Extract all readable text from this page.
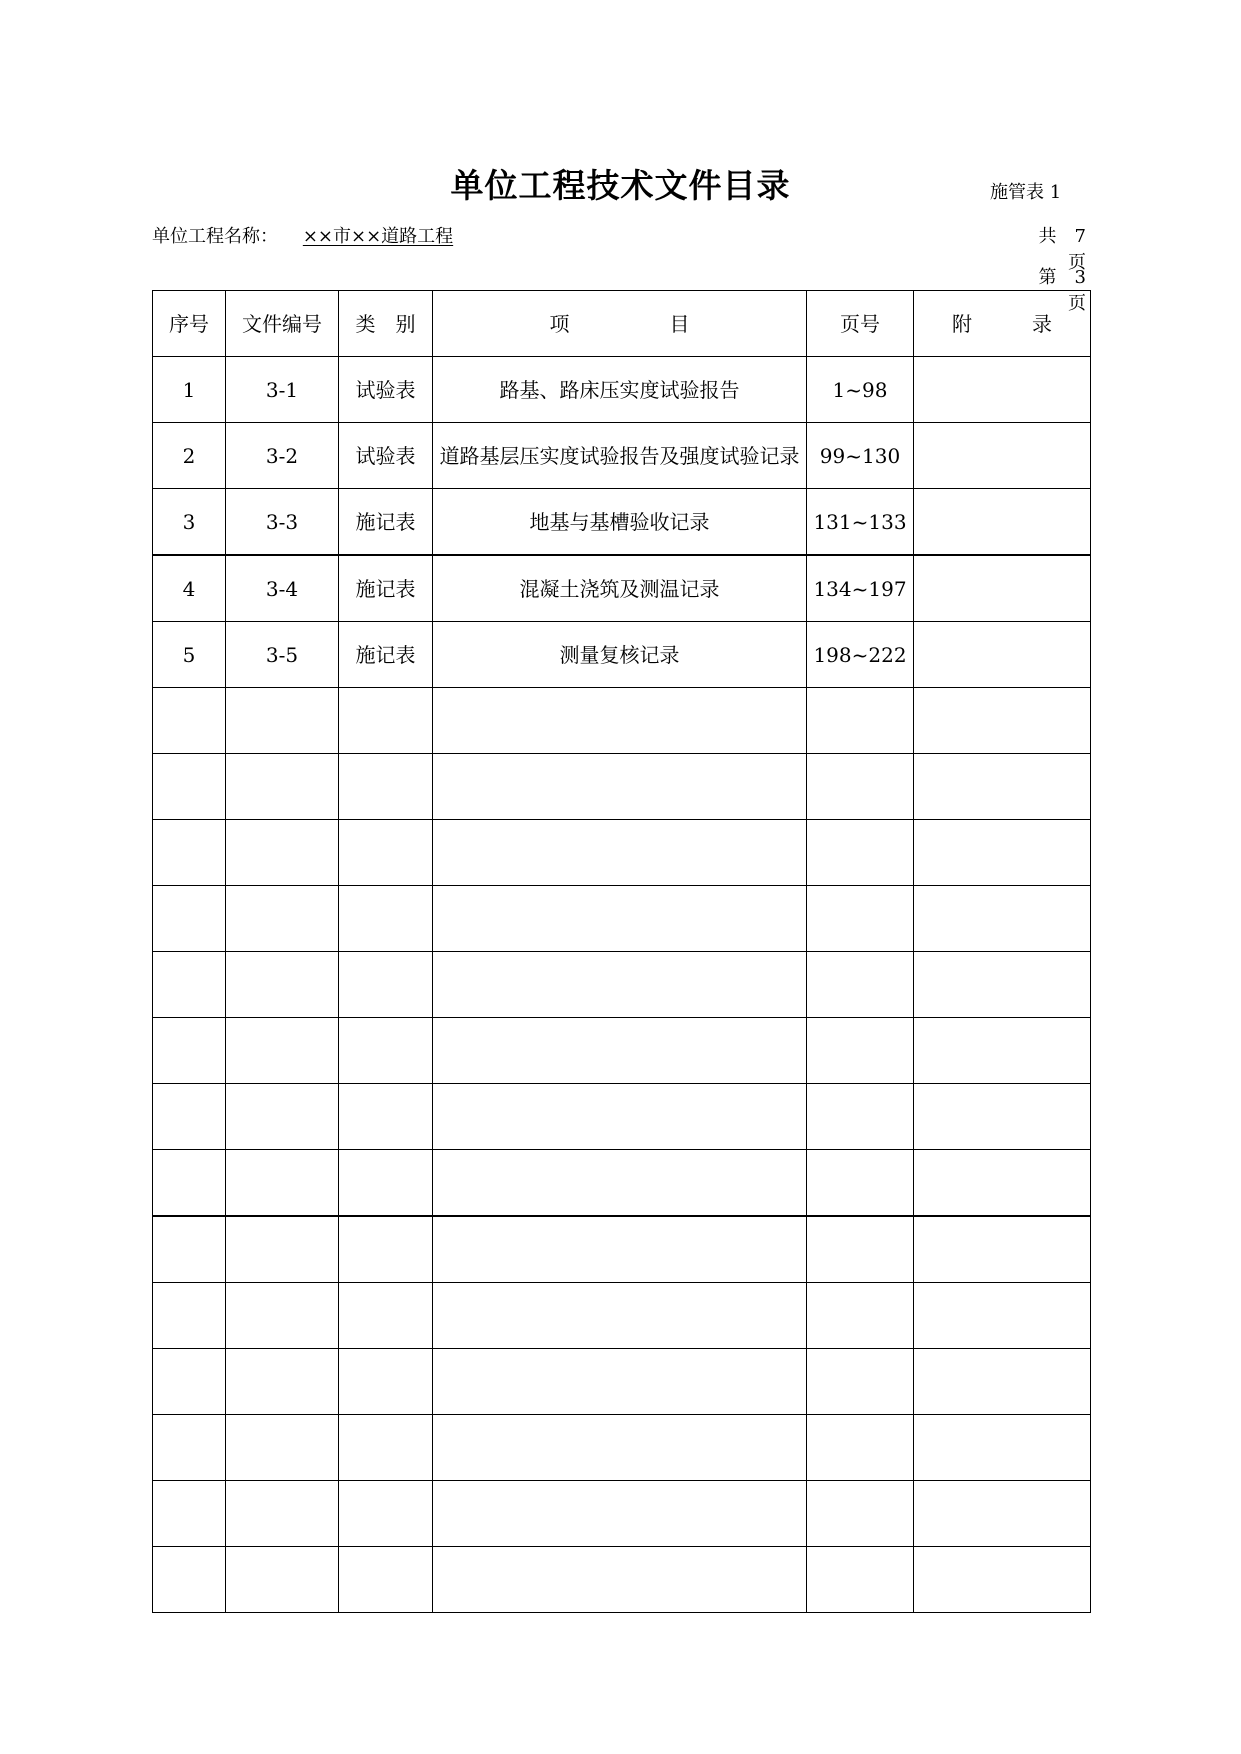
单位工程技术文件目录	施管表 1
单位工程名称：	××市××道路工程	共　7 页
第　3 页
序号	文件编号	类　别	项　　　　　目	页号	附　　　录
1	3-1	试验表	路基、路床压实度试验报告	1~98	
2	3-2	试验表	道路基层压实度试验报告及强度试验记录	99~130	
3	3-3	施记表	地基与基槽验收记录	131~133	
4	3-4	施记表	混凝土浇筑及测温记录	134~197	
5	3-5	施记表	测量复核记录	198~222	
